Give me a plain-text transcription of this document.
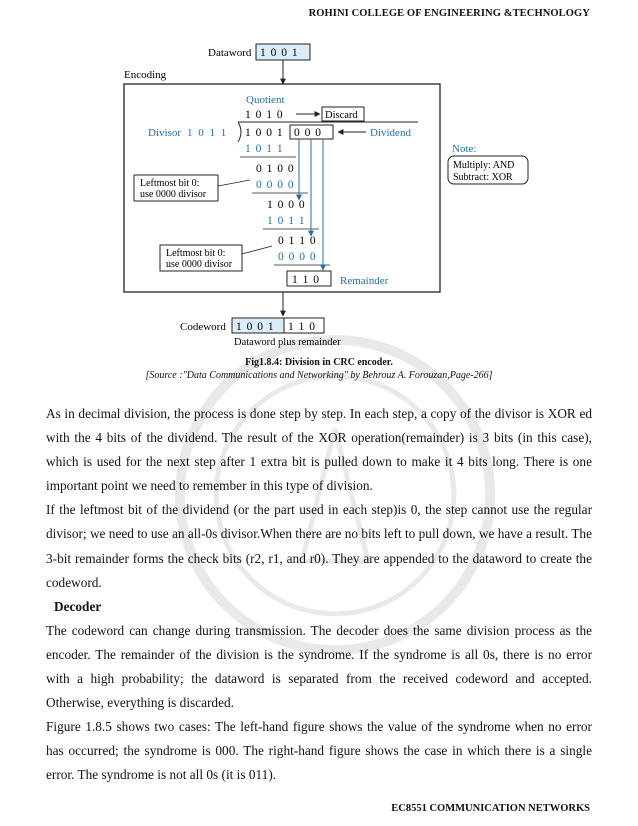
ROHINI COLLEGE OF ENGINEERING &TECHNOLOGY
Dataword 1 0 0 1
Encoding
Quotient
1 0 1 0	Discard
Divisor 1 0 1 1 1 0 0 1 0 0 0	Dividend
1 0 1 1
0 1 0 0
0 0 0 0
1 0 0 0
1 0 1 1
0 1 1 0
0 0 0 0
1 1 0 Remainder
Leftmost bit 0:
use 0000 divisor
Leftmost bit 0:
use 0000 divisor
Note:
Multiply: AND
Subtract: XOR
Codeword 1 0 0 1 1 1 0
Dataword plus remainder
Fig1.8.4: Division in CRC encoder.
[Source :"Data Communications and Networking" by Behrouz A. Forouzan,Page-266]

As in decimal division, the process is done step by step. In each step, a copy of the divisor is XOR ed with the 4 bits of the dividend. The result of the XOR operation(remainder) is 3 bits (in this case), which is used for the next step after 1 extra bit is pulled down to make it 4 bits long. There is one important point we need to remember in this type of division.

If the leftmost bit of the dividend (or the part used in each step)is 0, the step cannot use the regular divisor; we need to use an all-0s divisor.When there are no bits left to pull down, we have a result. The 3-bit remainder forms the check bits (r2, r1, and r0). They are appended to the dataword to create the codeword.

Decoder

The codeword can change during transmission. The decoder does the same division process as the encoder. The remainder of the division is the syndrome. If the syndrome is all 0s, there is no error with a high probability; the dataword is separated from the received codeword and accepted. Otherwise, everything is discarded.

Figure 1.8.5 shows two cases: The left-hand figure shows the value of the syndrome when no error has occurred; the syndrome is 000. The right-hand figure shows the case in which there is a single error. The syndrome is not all 0s (it is 011).

EC8551 COMMUNICATION NETWORKS
